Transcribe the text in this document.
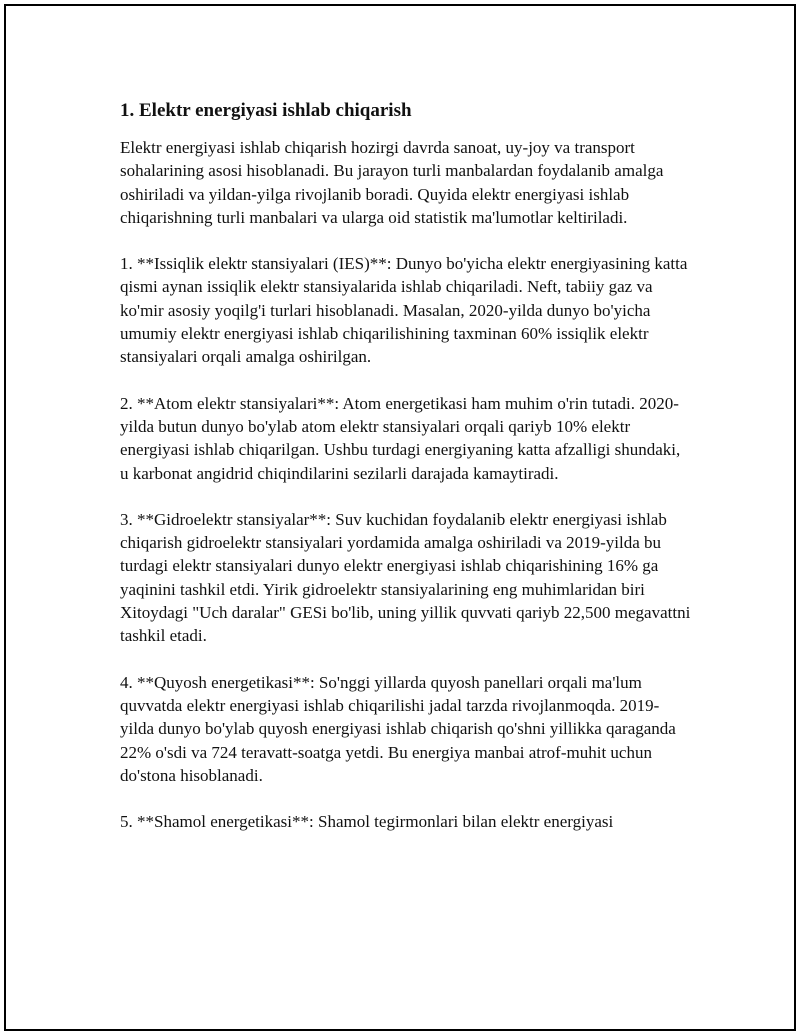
1. Elektr energiyasi ishlab chiqarish

Elektr energiyasi ishlab chiqarish hozirgi davrda sanoat, uy-joy va transport sohalarining asosi hisoblanadi. Bu jarayon turli manbalardan foydalanib amalga oshiriladi va yildan-yilga rivojlanib boradi. Quyida elektr energiyasi ishlab chiqarishning turli manbalari va ularga oid statistik ma'lumotlar keltiriladi.

1. **Issiqlik elektr stansiyalari (IES)**: Dunyo bo'yicha elektr energiyasining katta qismi aynan issiqlik elektr stansiyalarida ishlab chiqariladi. Neft, tabiiy gaz va ko'mir asosiy yoqilg'i turlari hisoblanadi. Masalan, 2020-yilda dunyo bo'yicha umumiy elektr energiyasi ishlab chiqarilishining taxminan 60% issiqlik elektr stansiyalari orqali amalga oshirilgan.

2. **Atom elektr stansiyalari**: Atom energetikasi ham muhim o'rin tutadi. 2020-yilda butun dunyo bo'ylab atom elektr stansiyalari orqali qariyb 10% elektr energiyasi ishlab chiqarilgan. Ushbu turdagi energiyaning katta afzalligi shundaki, u karbonat angidrid chiqindilarini sezilarli darajada kamaytiradi.

3. **Gidroelektr stansiyalar**: Suv kuchidan foydalanib elektr energiyasi ishlab chiqarish gidroelektr stansiyalari yordamida amalga oshiriladi va 2019-yilda bu turdagi elektr stansiyalari dunyo elektr energiyasi ishlab chiqarishining 16% ga yaqinini tashkil etdi. Yirik gidroelektr stansiyalarining eng muhimlaridan biri Xitoydagi "Uch daralar" GESi bo'lib, uning yillik quvvati qariyb 22,500 megavattni tashkil etadi.

4. **Quyosh energetikasi**: So'nggi yillarda quyosh panellari orqali ma'lum quvvatda elektr energiyasi ishlab chiqarilishi jadal tarzda rivojlanmoqda. 2019-yilda dunyo bo'ylab quyosh energiyasi ishlab chiqarish qo'shni yillikka qaraganda 22% o'sdi va 724 teravatt-soatga yetdi. Bu energiya manbai atrof-muhit uchun do'stona hisoblanadi.

5. **Shamol energetikasi**: Shamol tegirmonlari bilan elektr energiyasi
